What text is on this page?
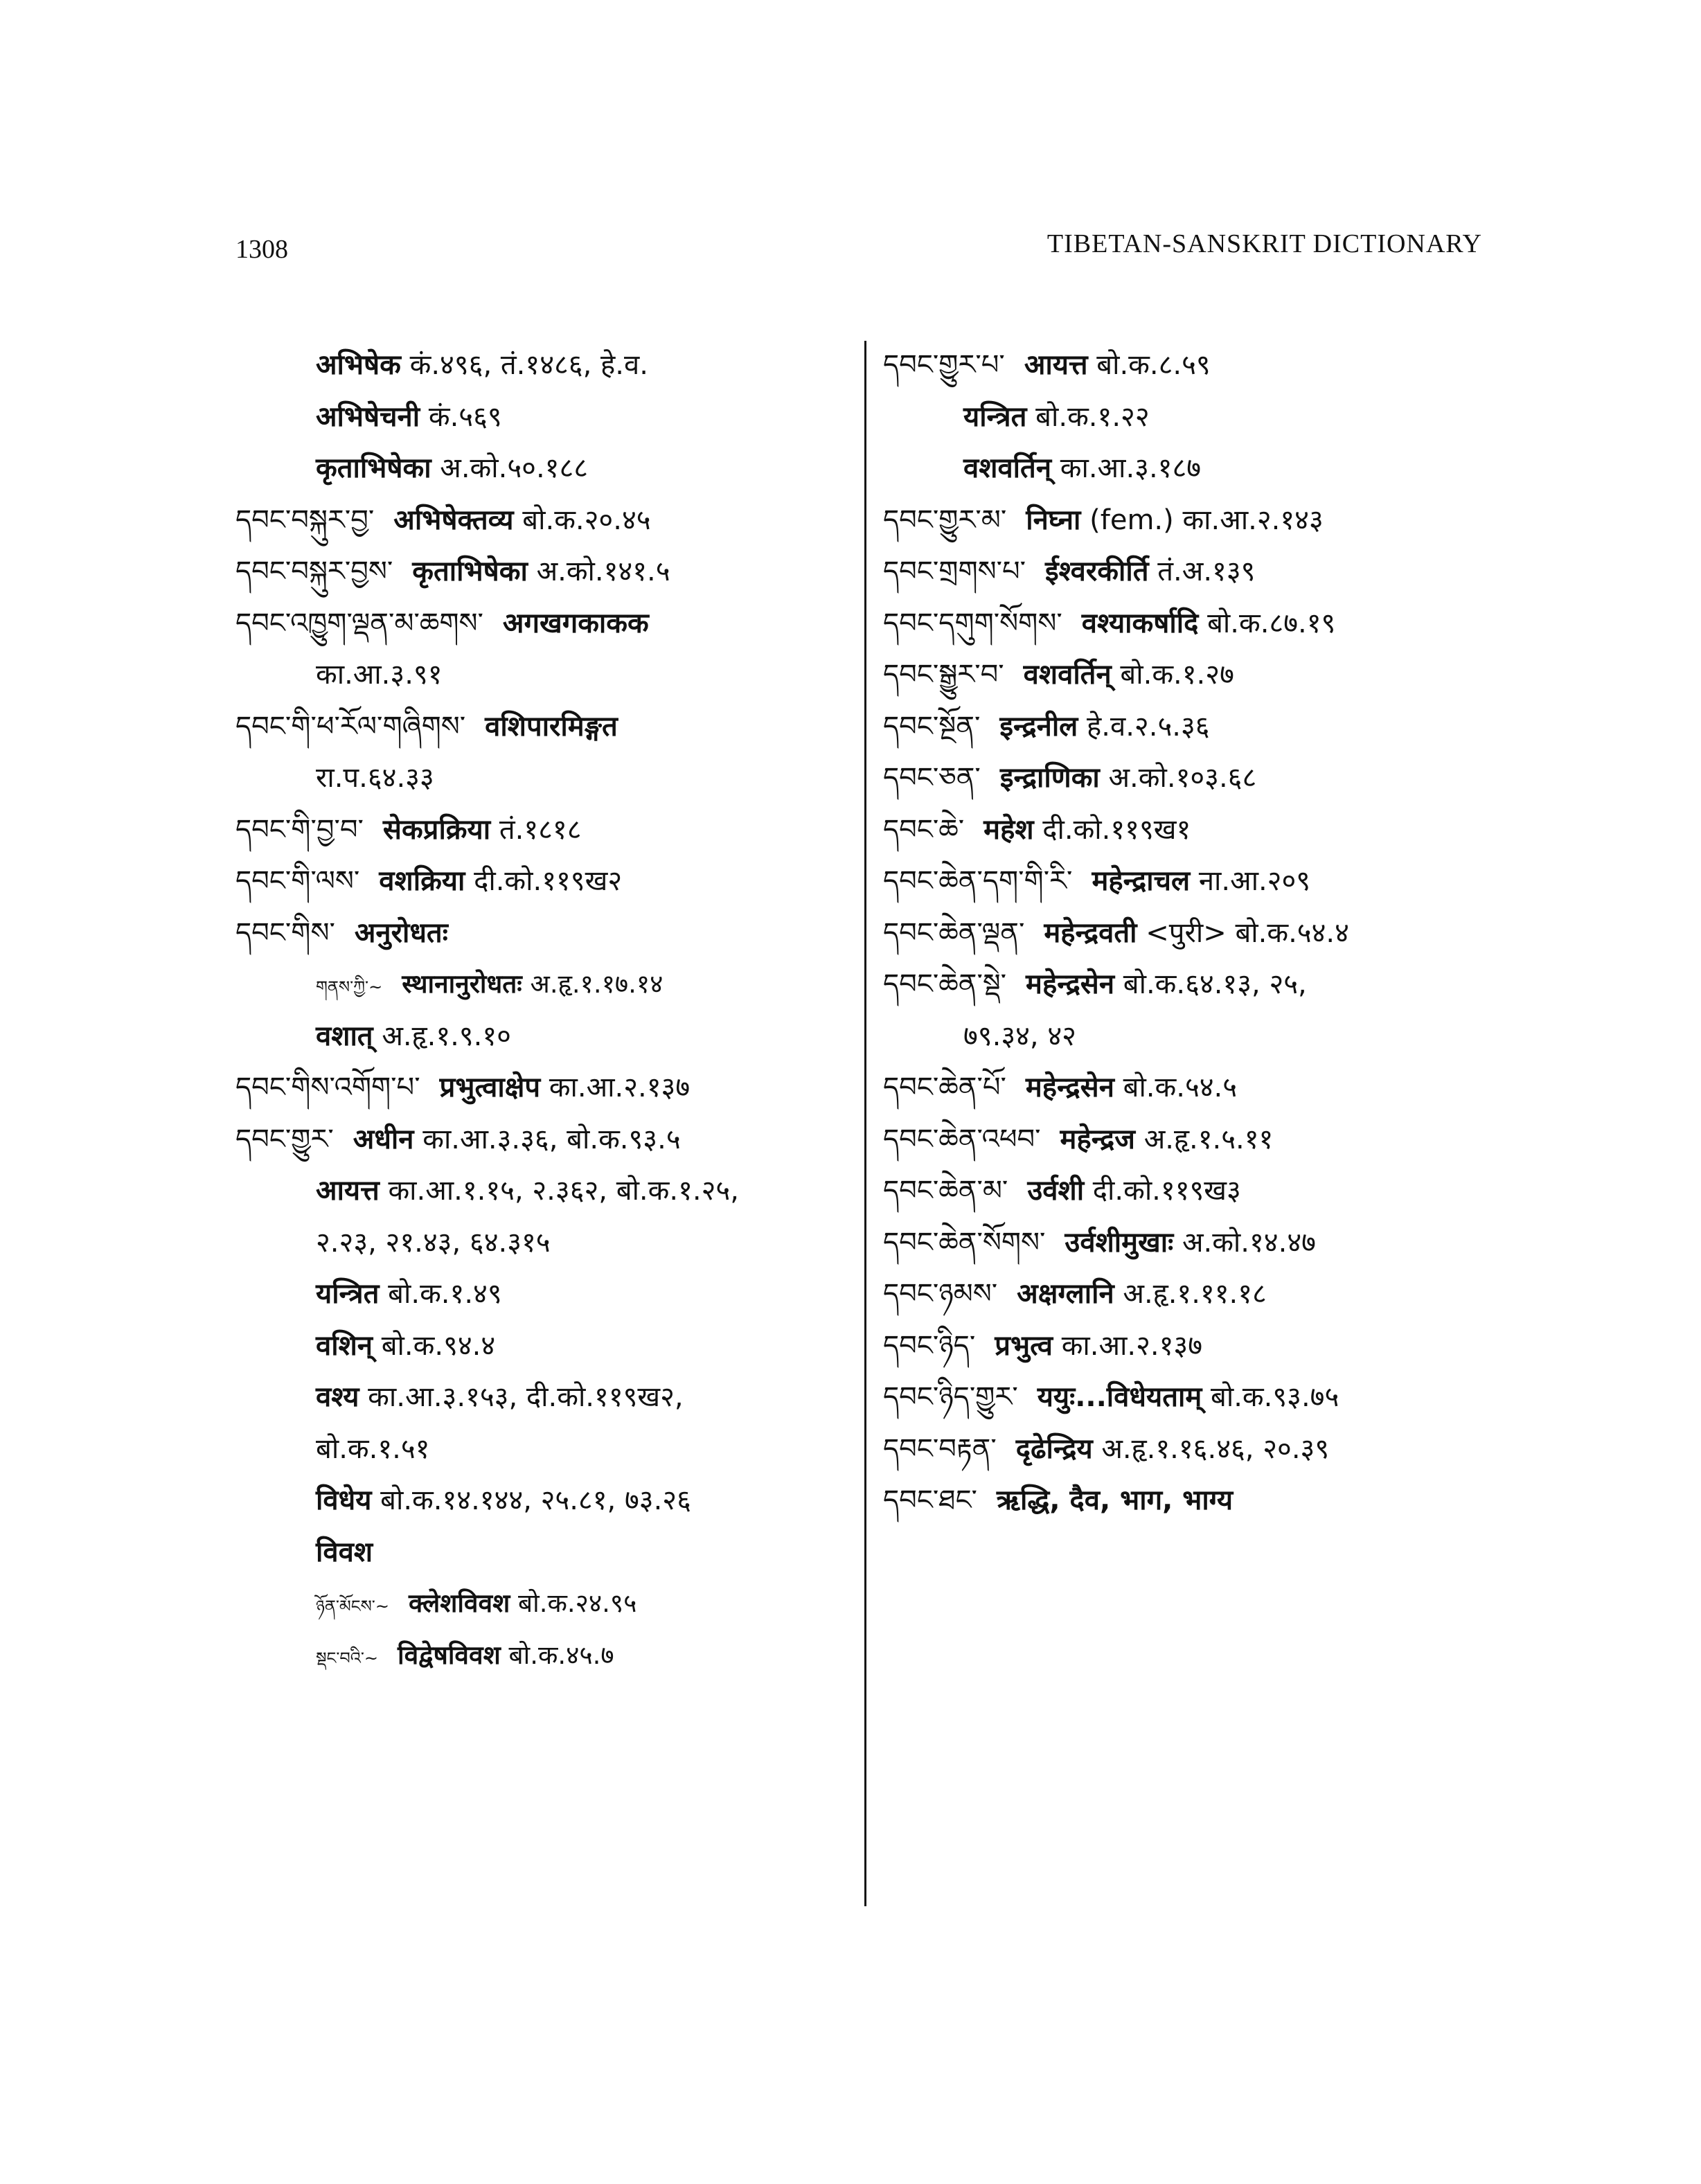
1308	TIBETAN-SANSKRIT DICTIONARY
अभिषेक कं.४९६, तं.१४८६, हे.व.
अभिषेचनी कं.५६९
कृताभिषेका अ.को.५०.१८८
དབང་བསྐུར་བྱ་ अभिषेक्तव्य बो.क.२०.४५
དབང་བསྐུར་བྱས་ कृताभिषेका अ.को.१४१.५
དབང་འཁྱུག་ལྡན་མ་ཆགས་ अगखगकाकक
का.आ.३.९१
དབང་གི་ཕ་རོལ་གཞིགས་ वशिपारमिङ्गत
रा.प.६४.३३
དབང་གི་བྱ་བ་ सेकप्रक्रिया तं.१८१८
དབང་གི་ལས་ वशक्रिया दी.को.११९ख२
དབང་གིས་ अनुरोधतः
གནས་ཀྱི་~ स्थानानुरोधतः अ.हृ.१.१७.१४
वशात् अ.हृ.१.९.१०
དབང་གིས་འགོག་པ་ प्रभुत्वाक्षेप का.आ.२.१३७
དབང་གྱུར་ अधीन का.आ.३.३६, बो.क.९३.५
आयत्त का.आ.१.१५, २.३६२, बो.क.१.२५,
२.२३, २१.४३, ६४.३१५
यन्त्रित बो.क.१.४९
वशिन् बो.क.९४.४
वश्य का.आ.३.१५३, दी.को.११९ख२,
बो.क.१.५१
विधेय बो.क.१४.१४४, २५.८१, ७३.२६
विवश
ཉོན་མོངས་~ क्लेशविवश बो.क.२४.९५
སྡང་བའི་~ विद्वेषविवश बो.क.४५.७
དབང་གྱུར་པ་ आयत्त बो.क.८.५९
यन्त्रित बो.क.१.२२
वशवर्तिन् का.आ.३.१८७
དབང་གྱུར་མ་ निघ्ना (fem.) का.आ.२.१४३
དབང་གྲགས་པ་ ईश्वरकीर्ति तं.अ.१३९
དབང་དགུག་སོགས་ वश्याकर्षादि बो.क.८७.१९
དབང་སྒྱུར་བ་ वशवर्तिन् बो.क.१.२७
དབང་སྔོན་ इन्द्रनील हे.व.२.५.३६
དབང་ཅན་ इन्द्राणिका अ.को.१०३.६८
དབང་ཆེ་ महेश दी.को.११९ख१
དབང་ཆེན་དག་གི་རི་ महेन्द्राचल ना.आ.२०९
དབང་ཆེན་ལྡན་ महेन्द्रवती <पुरी> बो.क.५४.४
དབང་ཆེན་སྡེ་ महेन्द्रसेन बो.क.६४.१३, २५,
७९.३४, ४२
དབང་ཆེན་པོ་ महेन्द्रसेन बो.क.५४.५
དབང་ཆེན་འཕབ་ महेन्द्रज अ.हृ.१.५.११
དབང་ཆེན་མ་ उर्वशी दी.को.११९ख३
དབང་ཆེན་སོགས་ उर्वशीमुखाः अ.को.१४.४७
དབང་ཉམས་ अक्षग्लानि अ.हृ.१.११.१८
དབང་ཉིད་ प्रभुत्व का.आ.२.१३७
དབང་ཉིད་གྱུར་ ययुः...विधेयताम् बो.क.९३.७५
དབང་བརྟན་ दृढेन्द्रिय अ.हृ.१.१६.४६, २०.३९
དབང་ཐང་ ऋद्धि, दैव, भाग, भाग्य
